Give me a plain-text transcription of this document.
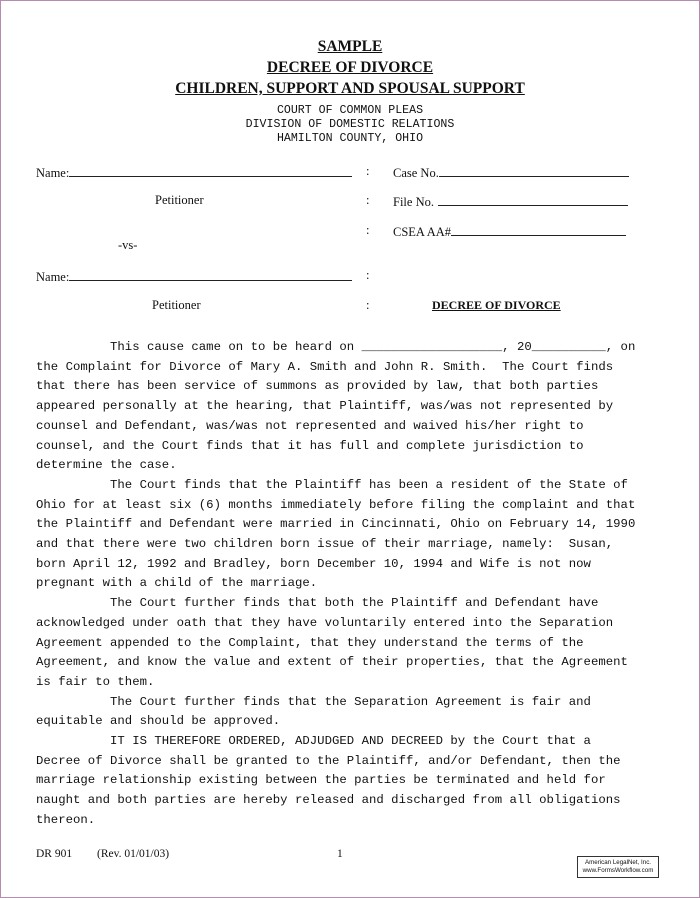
SAMPLE
DECREE OF DIVORCE
CHILDREN, SUPPORT AND SPOUSAL SUPPORT
COURT OF COMMON PLEAS
DIVISION OF DOMESTIC RELATIONS
HAMILTON COUNTY, OHIO
Name:	: Case No.
Petitioner	: File No.
: CSEA AA#
-vs-
Name:	:
Petitioner	:	DECREE OF DIVORCE
This cause came on to be heard on ___________________, 20__________, on
the Complaint for Divorce of Mary A. Smith and John R. Smith.  The Court finds
that there has been service of summons as provided by law, that both parties
appeared personally at the hearing, that Plaintiff, was/was not represented by
counsel and Defendant, was/was not represented and waived his/her right to
counsel, and the Court finds that it has full and complete jurisdiction to
determine the case.
The Court finds that the Plaintiff has been a resident of the State of
Ohio for at least six (6) months immediately before filing the complaint and that
the Plaintiff and Defendant were married in Cincinnati, Ohio on February 14, 1990
and that there were two children born issue of their marriage, namely:  Susan,
born April 12, 1992 and Bradley, born December 10, 1994 and Wife is not now
pregnant with a child of the marriage.
The Court further finds that both the Plaintiff and Defendant have
acknowledged under oath that they have voluntarily entered into the Separation
Agreement appended to the Complaint, that they understand the terms of the
Agreement, and know the value and extent of their properties, that the Agreement
is fair to them.
The Court further finds that the Separation Agreement is fair and
equitable and should be approved.
IT IS THEREFORE ORDERED, ADJUDGED AND DECREED by the Court that a
Decree of Divorce shall be granted to the Plaintiff, and/or Defendant, then the
marriage relationship existing between the parties be terminated and held for
naught and both parties are hereby released and discharged from all obligations
thereon.
DR 901 (Rev. 01/01/03)	1
American LegalNet, Inc.
www.FormsWorkflow.com
